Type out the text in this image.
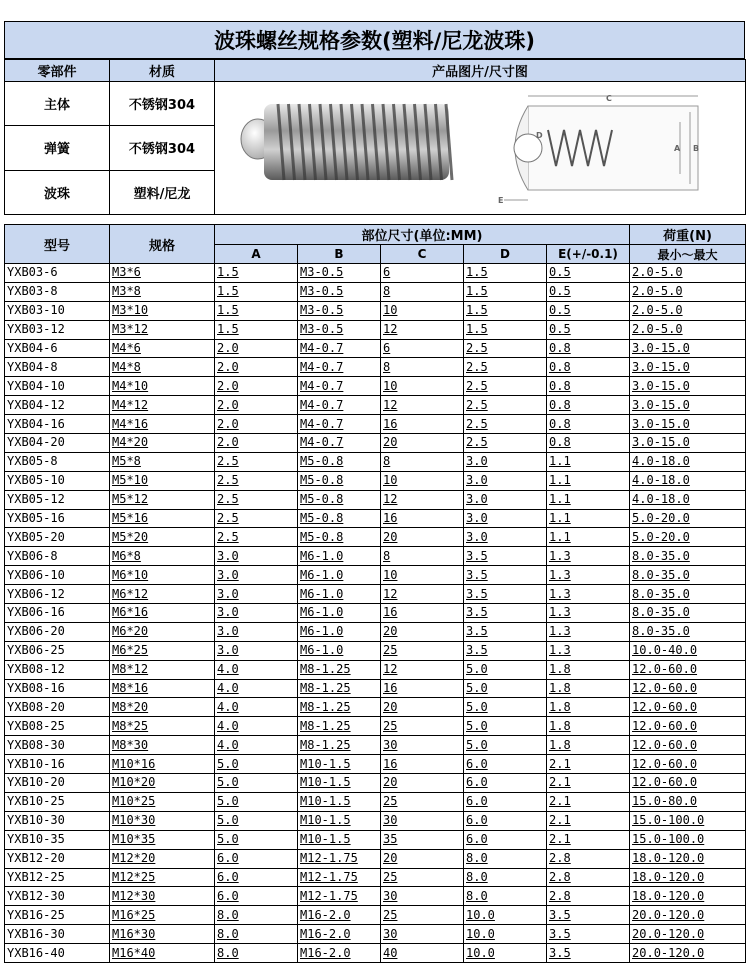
波珠螺丝规格参数(塑料/尼龙波珠)
零部件	材质	产品图片/尺寸图
主体	不锈钢304	C
A B
D
E

弹簧	不锈钢304	
波珠	塑料/尼龙	
型号	规格	部位尺寸(单位:MM)					荷重(N)
		A	B	C	D	E(+/-0.1)	最小～最大
YXB03-6	M3*6	1.5	M3-0.5	6	1.5	0.5	2.0-5.0
YXB03-8	M3*8	1.5	M3-0.5	8	1.5	0.5	2.0-5.0
YXB03-10	M3*10	1.5	M3-0.5	10	1.5	0.5	2.0-5.0
YXB03-12	M3*12	1.5	M3-0.5	12	1.5	0.5	2.0-5.0
YXB04-6	M4*6	2.0	M4-0.7	6	2.5	0.8	3.0-15.0
YXB04-8	M4*8	2.0	M4-0.7	8	2.5	0.8	3.0-15.0
YXB04-10	M4*10	2.0	M4-0.7	10	2.5	0.8	3.0-15.0
YXB04-12	M4*12	2.0	M4-0.7	12	2.5	0.8	3.0-15.0
YXB04-16	M4*16	2.0	M4-0.7	16	2.5	0.8	3.0-15.0
YXB04-20	M4*20	2.0	M4-0.7	20	2.5	0.8	3.0-15.0
YXB05-8	M5*8	2.5	M5-0.8	8	3.0	1.1	4.0-18.0
YXB05-10	M5*10	2.5	M5-0.8	10	3.0	1.1	4.0-18.0
YXB05-12	M5*12	2.5	M5-0.8	12	3.0	1.1	4.0-18.0
YXB05-16	M5*16	2.5	M5-0.8	16	3.0	1.1	5.0-20.0
YXB05-20	M5*20	2.5	M5-0.8	20	3.0	1.1	5.0-20.0
YXB06-8	M6*8	3.0	M6-1.0	8	3.5	1.3	8.0-35.0
YXB06-10	M6*10	3.0	M6-1.0	10	3.5	1.3	8.0-35.0
YXB06-12	M6*12	3.0	M6-1.0	12	3.5	1.3	8.0-35.0
YXB06-16	M6*16	3.0	M6-1.0	16	3.5	1.3	8.0-35.0
YXB06-20	M6*20	3.0	M6-1.0	20	3.5	1.3	8.0-35.0
YXB06-25	M6*25	3.0	M6-1.0	25	3.5	1.3	10.0-40.0
YXB08-12	M8*12	4.0	M8-1.25	12	5.0	1.8	12.0-60.0
YXB08-16	M8*16	4.0	M8-1.25	16	5.0	1.8	12.0-60.0
YXB08-20	M8*20	4.0	M8-1.25	20	5.0	1.8	12.0-60.0
YXB08-25	M8*25	4.0	M8-1.25	25	5.0	1.8	12.0-60.0
YXB08-30	M8*30	4.0	M8-1.25	30	5.0	1.8	12.0-60.0
YXB10-16	M10*16	5.0	M10-1.5	16	6.0	2.1	12.0-60.0
YXB10-20	M10*20	5.0	M10-1.5	20	6.0	2.1	12.0-60.0
YXB10-25	M10*25	5.0	M10-1.5	25	6.0	2.1	15.0-80.0
YXB10-30	M10*30	5.0	M10-1.5	30	6.0	2.1	15.0-100.0
YXB10-35	M10*35	5.0	M10-1.5	35	6.0	2.1	15.0-100.0
YXB12-20	M12*20	6.0	M12-1.75	20	8.0	2.8	18.0-120.0
YXB12-25	M12*25	6.0	M12-1.75	25	8.0	2.8	18.0-120.0
YXB12-30	M12*30	6.0	M12-1.75	30	8.0	2.8	18.0-120.0
YXB16-25	M16*25	8.0	M16-2.0	25	10.0	3.5	20.0-120.0
YXB16-30	M16*30	8.0	M16-2.0	30	10.0	3.5	20.0-120.0
YXB16-40	M16*40	8.0	M16-2.0	40	10.0	3.5	20.0-120.0
